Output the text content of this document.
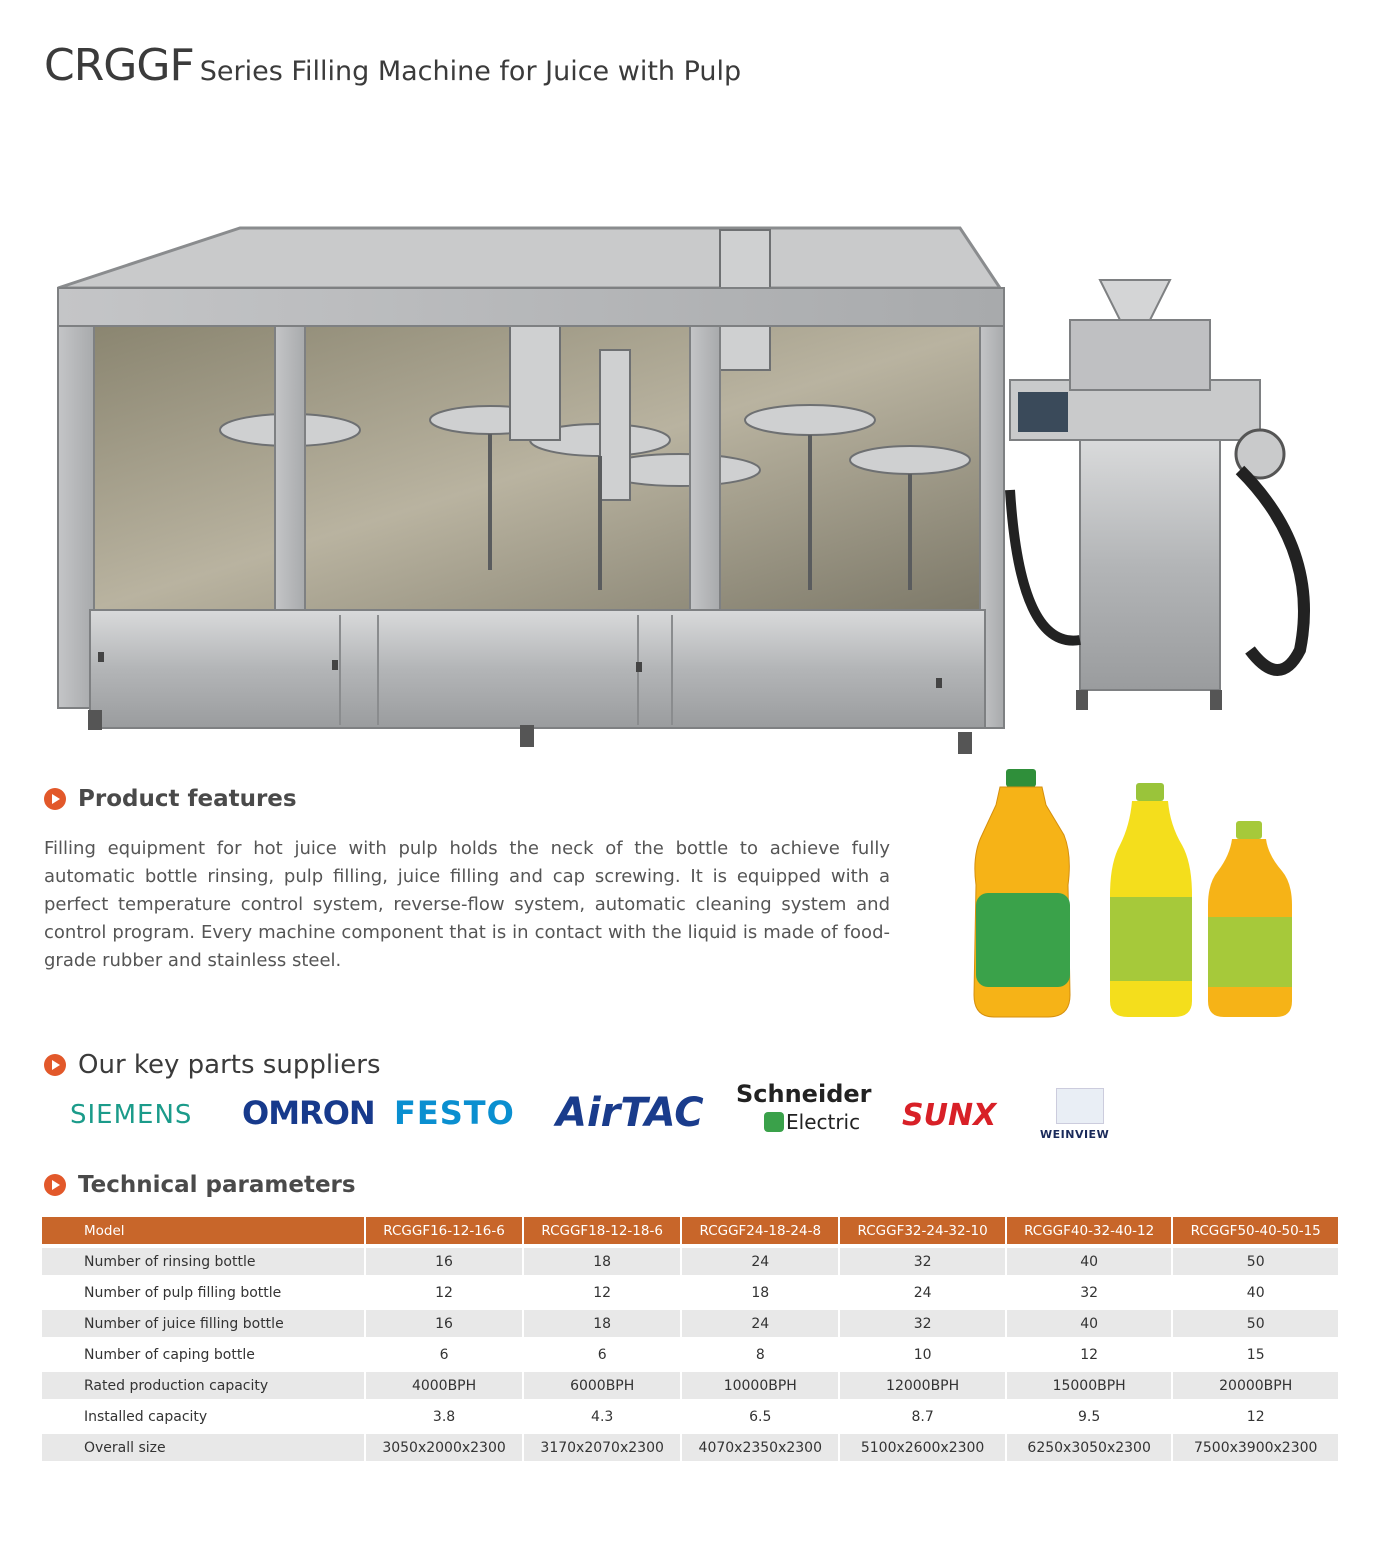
CRGGF Series Filling Machine for Juice with Pulp
Product features
Filling equipment for hot juice with pulp holds the neck of the bottle to achieve fully automatic bottle rinsing, pulp filling, juice filling and cap screwing. It is equipped with a perfect temperature control system, reverse-flow system, automatic cleaning system and control program. Every machine component that is in contact with the liquid is made of food-grade rubber and stainless steel.
Our key parts suppliers
SIEMENS OMRON FESTO AirTAC Schneider
Electric SUNX
WEINVIEW
Technical parameters
Model	RCGGF16-12-16-6	RCGGF18-12-18-6	RCGGF24-18-24-8	RCGGF32-24-32-10	RCGGF40-32-40-12	RCGGF50-40-50-15
Number of rinsing bottle	16	18	24	32	40	50
Number of pulp filling bottle	12	12	18	24	32	40
Number of juice filling bottle	16	18	24	32	40	50
Number of caping bottle	6	6	8	10	12	15
Rated production capacity	4000BPH	6000BPH	10000BPH	12000BPH	15000BPH	20000BPH
Installed capacity	3.8	4.3	6.5	8.7	9.5	12
Overall size	3050x2000x2300	3170x2070x2300	4070x2350x2300	5100x2600x2300	6250x3050x2300	7500x3900x2300
